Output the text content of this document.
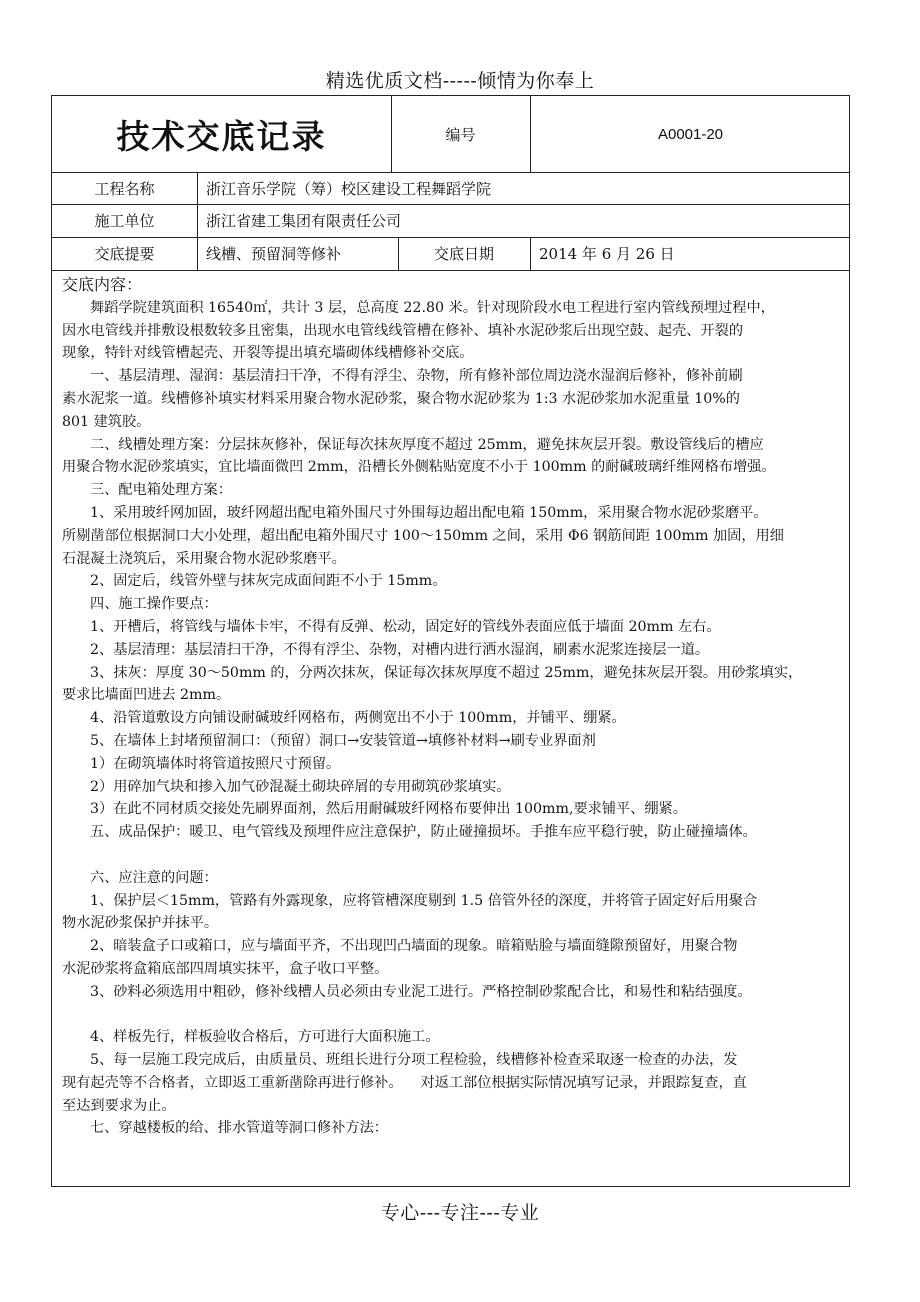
精选优质文档-----倾情为你奉上
技术交底记录	编号	A0001-20
工程名称	浙江音乐学院（筹）校区建设工程舞蹈学院
施工单位	浙江省建工集团有限责任公司
交底提要	线槽、预留洞等修补	交底日期	2014 年 6 月 26 日

交底内容：

舞蹈学院建筑面积 16540㎡，共计 3 层，总高度 22.80 米。针对现阶段水电工程进行室内管线预埋过程中，

因水电管线并排敷设根数较多且密集，出现水电管线线管槽在修补、填补水泥砂浆后出现空鼓、起壳、开裂的

现象，特针对线管槽起壳、开裂等提出填充墙砌体线槽修补交底。

一、基层清理、湿润：基层清扫干净，不得有浮尘、杂物，所有修补部位周边浇水湿润后修补，修补前刷

素水泥浆一道。线槽修补填实材料采用聚合物水泥砂浆，聚合物水泥砂浆为 1:3 水泥砂浆加水泥重量 10%的

801 建筑胶。

二、线槽处理方案：分层抹灰修补，保证每次抹灰厚度不超过 25mm，避免抹灰层开裂。敷设管线后的槽应

用聚合物水泥砂浆填实，宜比墙面微凹 2mm，沿槽长外侧粘贴宽度不小于 100mm 的耐碱玻璃纤维网格布增强。

三、配电箱处理方案：

1、采用玻纤网加固，玻纤网超出配电箱外围尺寸外围每边超出配电箱 150mm，采用聚合物水泥砂浆磨平。

所剔凿部位根据洞口大小处理，超出配电箱外围尺寸 100～150mm 之间，采用 Φ6 钢筋间距 100mm 加固，用细

石混凝土浇筑后，采用聚合物水泥砂浆磨平。

2、固定后，线管外壁与抹灰完成面间距不小于 15mm。

四、施工操作要点：

1、开槽后，将管线与墙体卡牢，不得有反弹、松动，固定好的管线外表面应低于墙面 20mm 左右。

2、基层清理：基层清扫干净，不得有浮尘、杂物，对槽内进行洒水湿润，刷素水泥浆连接层一道。

3、抹灰：厚度 30～50mm 的，分两次抹灰，保证每次抹灰厚度不超过 25mm，避免抹灰层开裂。用砂浆填实，

要求比墙面凹进去 2mm。

4、沿管道敷设方向铺设耐碱玻纤网格布，两侧宽出不小于 100mm，并铺平、绷紧。

5、在墙体上封堵预留洞口：（预留）洞口→安装管道→填修补材料→刷专业界面剂

1）在砌筑墙体时将管道按照尺寸预留。

2）用碎加气块和掺入加气砂混凝土砌块碎屑的专用砌筑砂浆填实。

3）在此不同材质交接处先刷界面剂，然后用耐碱玻纤网格布要伸出 100mm,要求铺平、绷紧。

五、成品保护：暖卫、电气管线及预埋件应注意保护，防止碰撞损坏。手推车应平稳行驶，防止碰撞墙体。

六、应注意的问题：

1、保护层＜15mm，管路有外露现象，应将管槽深度剔到 1.5 倍管外径的深度，并将管子固定好后用聚合

物水泥砂浆保护并抹平。

2、暗装盒子口或箱口，应与墙面平齐，不出现凹凸墙面的现象。暗箱贴脸与墙面缝隙预留好，用聚合物

水泥砂浆将盒箱底部四周填实抹平，盒子收口平整。

3、砂料必须选用中粗砂，修补线槽人员必须由专业泥工进行。严格控制砂浆配合比，和易性和粘结强度。

4、样板先行，样板验收合格后，方可进行大面积施工。

5、每一层施工段完成后，由质量员、班组长进行分项工程检验，线槽修补检查采取逐一检查的办法，发

现有起壳等不合格者，立即返工重新凿除再进行修补。    对返工部位根据实际情况填写记录，并跟踪复查，直

至达到要求为止。

七、穿越楼板的给、排水管道等洞口修补方法：

专心---专注---专业
